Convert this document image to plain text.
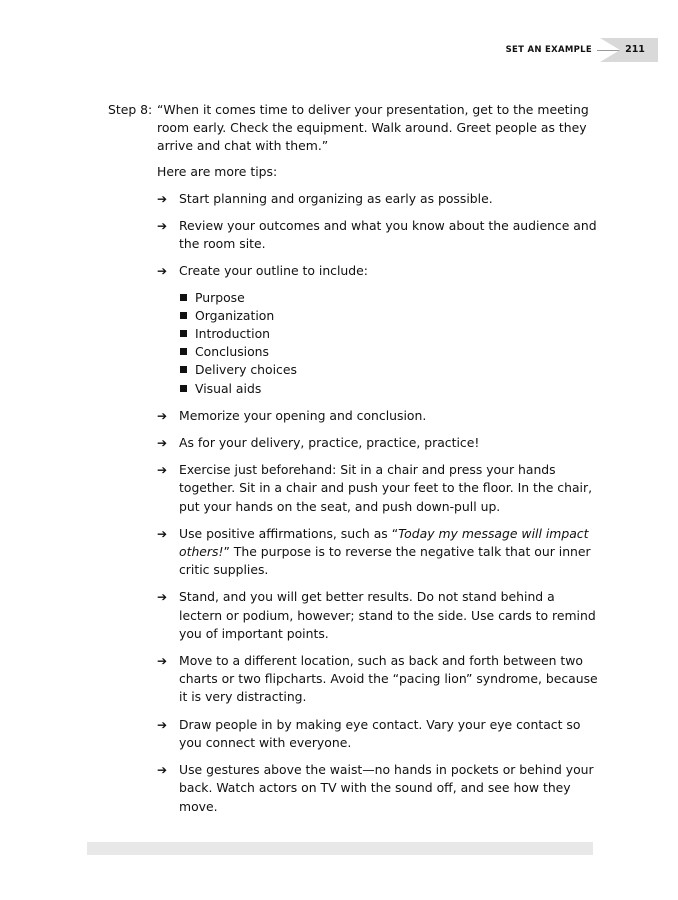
SET AN EXAMPLE	211
Step 8: “When it comes time to deliver your presentation, get to the meeting room early. Check the equipment. Walk around. Greet people as they arrive and chat with them.”

Here are more tips:

➔ Start planning and organizing as early as possible.
➔ Review your outcomes and what you know about the audience and the room site.
➔ Create your outline to include:
Purpose
Organization
Introduction
Conclusions
Delivery choices
Visual aids
➔ Memorize your opening and conclusion.
➔ As for your delivery, practice, practice, practice!
➔ Exercise just beforehand: Sit in a chair and press your hands together. Sit in a chair and push your feet to the floor. In the chair, put your hands on the seat, and push down-pull up.
➔ Use positive affirmations, such as “Today my message will impact others!” The purpose is to reverse the negative talk that our inner critic supplies.
➔ Stand, and you will get better results. Do not stand behind a lectern or podium, however; stand to the side. Use cards to remind you of important points.
➔ Move to a different location, such as back and forth between two charts or two flipcharts. Avoid the “pacing lion” syndrome, because it is very distracting.
➔ Draw people in by making eye contact. Vary your eye contact so you connect with everyone.
➔ Use gestures above the waist—no hands in pockets or behind your back. Watch actors on TV with the sound off, and see how they move.
